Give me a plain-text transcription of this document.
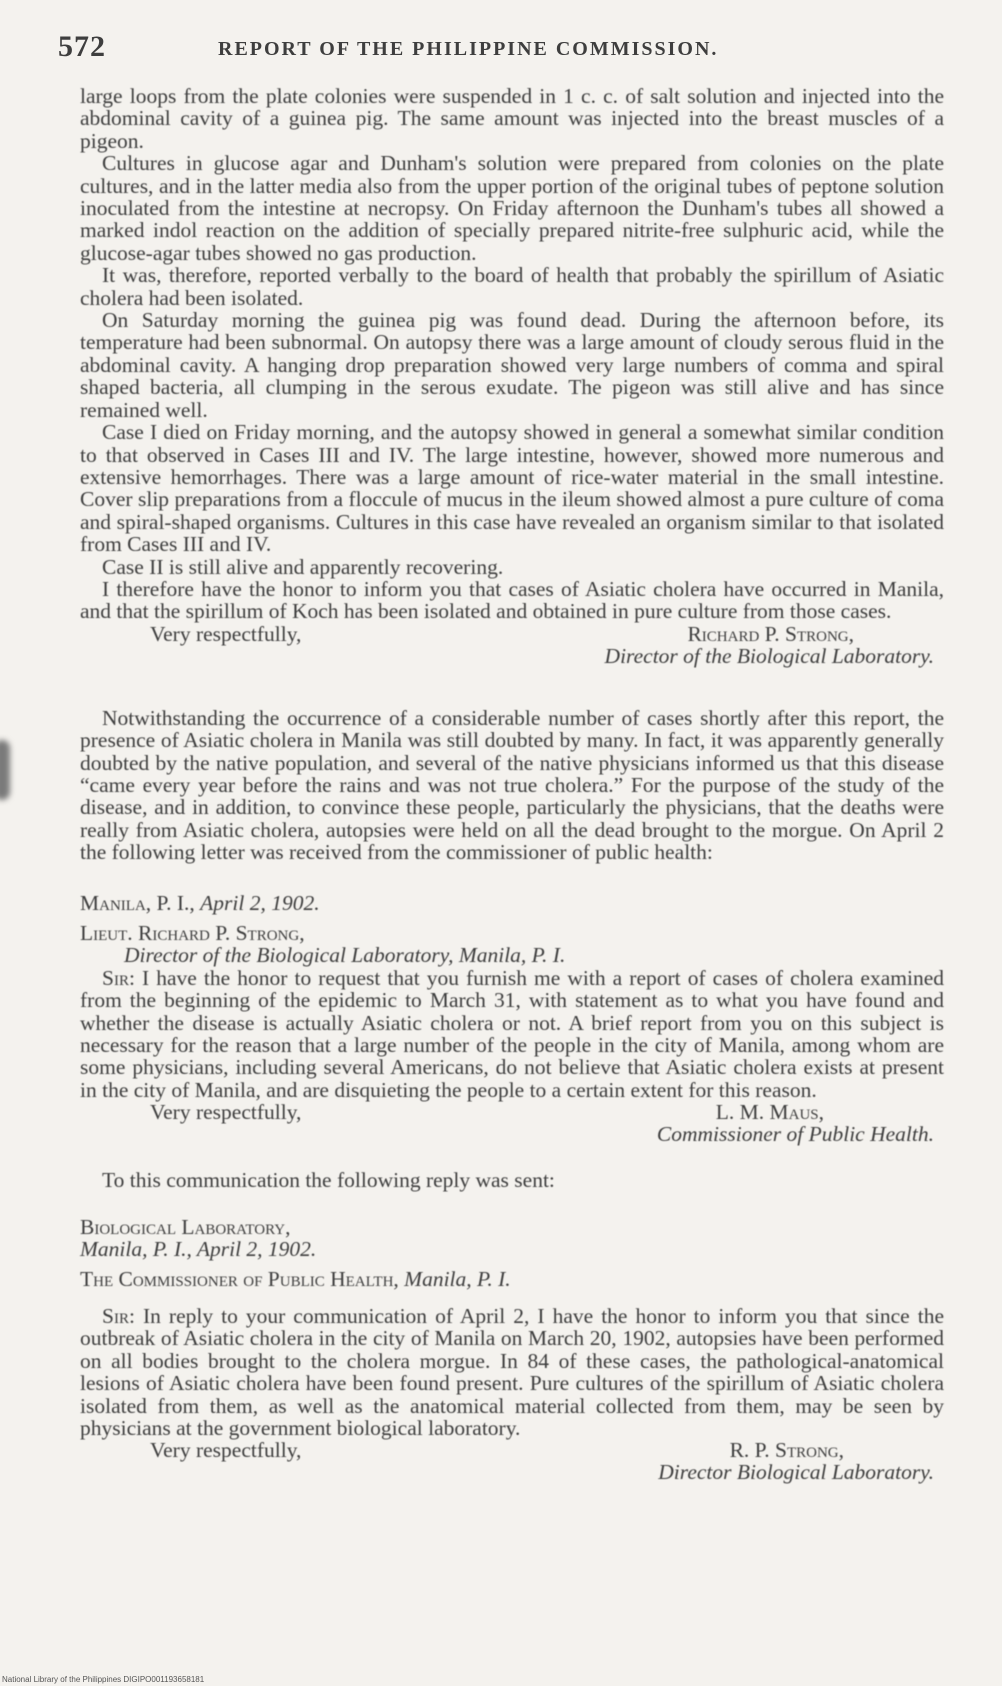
572	REPORT OF THE PHILIPPINE COMMISSION.

large loops from the plate colonies were suspended in 1 c. c. of salt solution and injected into the abdominal cavity of a guinea pig. The same amount was injected into the breast muscles of a pigeon.

Cultures in glucose agar and Dunham's solution were prepared from colonies on the plate cultures, and in the latter media also from the upper portion of the original tubes of peptone solution inoculated from the intestine at necropsy. On Friday afternoon the Dunham's tubes all showed a marked indol reaction on the addition of specially prepared nitrite-free sulphuric acid, while the glucose-agar tubes showed no gas production.

It was, therefore, reported verbally to the board of health that probably the spirillum of Asiatic cholera had been isolated.

On Saturday morning the guinea pig was found dead. During the afternoon before, its temperature had been subnormal. On autopsy there was a large amount of cloudy serous fluid in the abdominal cavity. A hanging drop preparation showed very large numbers of comma and spiral shaped bacteria, all clumping in the serous exudate. The pigeon was still alive and has since remained well.

Case I died on Friday morning, and the autopsy showed in general a somewhat similar condition to that observed in Cases III and IV. The large intestine, however, showed more numerous and extensive hemorrhages. There was a large amount of rice-water material in the small intestine. Cover slip preparations from a floccule of mucus in the ileum showed almost a pure culture of coma and spiral-shaped organisms. Cultures in this case have revealed an organism similar to that isolated from Cases III and IV.

Case II is still alive and apparently recovering.

I therefore have the honor to inform you that cases of Asiatic cholera have occurred in Manila, and that the spirillum of Koch has been isolated and obtained in pure culture from those cases.

Very respectfully,	Richard P. Strong,
Director of the Biological Laboratory.

Notwithstanding the occurrence of a considerable number of cases shortly after this report, the presence of Asiatic cholera in Manila was still doubted by many. In fact, it was apparently generally doubted by the native population, and several of the native physicians informed us that this disease “came every year before the rains and was not true cholera.” For the purpose of the study of the disease, and in addition, to convince these people, particularly the physicians, that the deaths were really from Asiatic cholera, autopsies were held on all the dead brought to the morgue. On April 2 the following letter was received from the commissioner of public health:

Manila, P. I., April 2, 1902.

Lieut. Richard P. Strong,

Director of the Biological Laboratory, Manila, P. I.

Sir: I have the honor to request that you furnish me with a report of cases of cholera examined from the beginning of the epidemic to March 31, with statement as to what you have found and whether the disease is actually Asiatic cholera or not. A brief report from you on this subject is necessary for the reason that a large number of the people in the city of Manila, among whom are some physicians, including several Americans, do not believe that Asiatic cholera exists at present in the city of Manila, and are disquieting the people to a certain extent for this reason.

Very respectfully,	L. M. Maus,
Commissioner of Public Health.

To this communication the following reply was sent:

Biological Laboratory,

Manila, P. I., April 2, 1902.

The Commissioner of Public Health, Manila, P. I.

Sir: In reply to your communication of April 2, I have the honor to inform you that since the outbreak of Asiatic cholera in the city of Manila on March 20, 1902, autopsies have been performed on all bodies brought to the cholera morgue. In 84 of these cases, the pathological-anatomical lesions of Asiatic cholera have been found present. Pure cultures of the spirillum of Asiatic cholera isolated from them, as well as the anatomical material collected from them, may be seen by physicians at the government biological laboratory.

Very respectfully,	R. P. Strong,
Director Biological Laboratory.

National Library of the Philippines DIGIPO001193658181
